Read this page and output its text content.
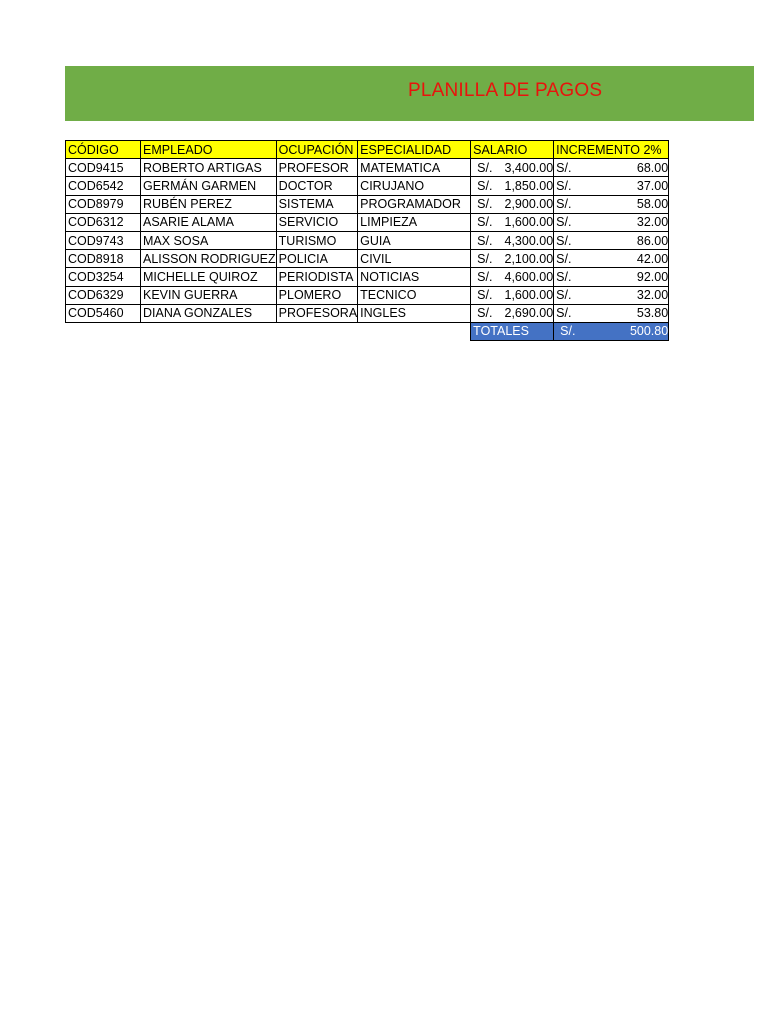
PLANILLA DE PAGOS
CÓDIGO	EMPLEADO	OCUPACIÓN	ESPECIALIDAD	SALARIO	INCREMENTO 2%
COD9415	ROBERTO ARTIGAS	PROFESOR	MATEMATICA	S/. 3,400.00	S/. 68.00

COD6542	GERMÁN GARMEN	DOCTOR	CIRUJANO	S/. 1,850.00	S/. 37.00

COD8979	RUBÉN PEREZ	SISTEMA	PROGRAMADOR	S/. 2,900.00	S/. 58.00

COD6312	ASARIE ALAMA	SERVICIO	LIMPIEZA	S/. 1,600.00	S/. 32.00

COD9743	MAX SOSA	TURISMO	GUIA	S/. 4,300.00	S/. 86.00

COD8918	ALISSON RODRIGUEZ	POLICIA	CIVIL	S/. 2,100.00	S/. 42.00

COD3254	MICHELLE QUIROZ	PERIODISTA	NOTICIAS	S/. 4,600.00	S/. 92.00

COD6329	KEVIN GUERRA	PLOMERO	TECNICO	S/. 1,600.00	S/. 32.00

COD5460	DIANA GONZALES	PROFESORA	INGLES	S/. 2,690.00	S/. 53.80

				TOTALES	S/. 500.80
